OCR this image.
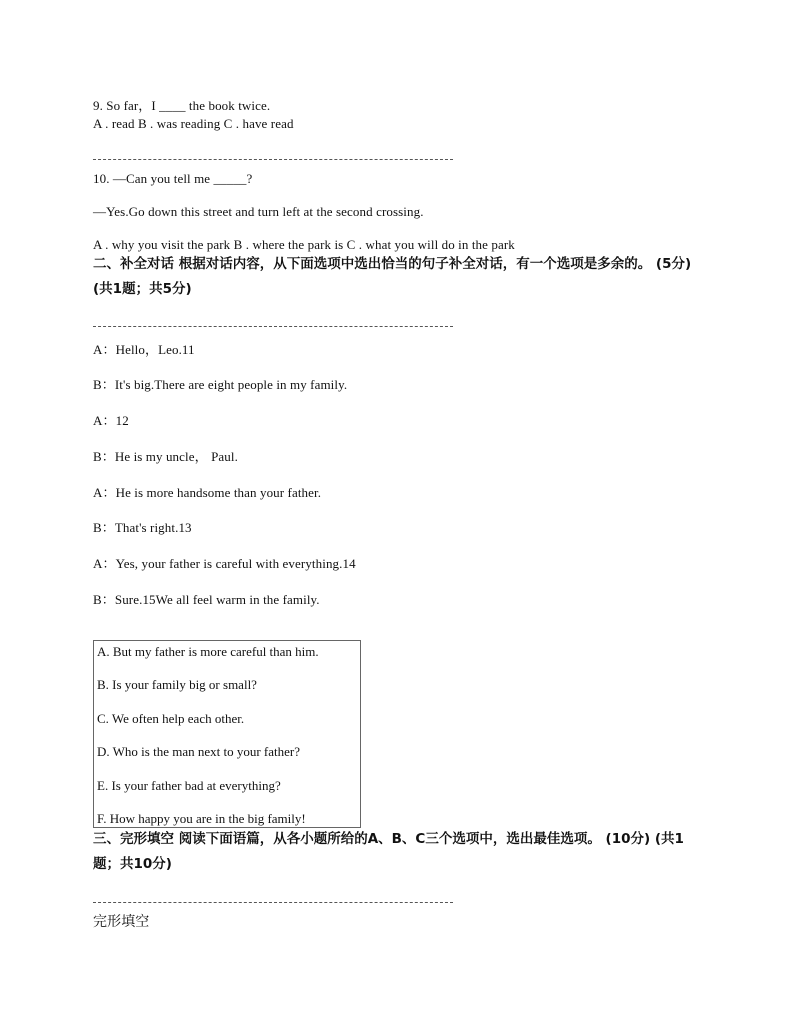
9. So far，I ____ the book twice.
A . read B . was reading C . have read
10. —Can you tell me _____?
—Yes.Go down this street and turn left at the second crossing.
A . why you visit the park B . where the park is C . what you will do in the park
二、补全对话 根据对话内容，从下面选项中选出恰当的句子补全对话，有一个选项是多余的。 (5分) (共1题；共5分)
A：Hello，Leo.11
B：It's big.There are eight people in my family.
A：12
B：He is my uncle， Paul.
A：He is more handsome than your father.
B：That's right.13
A：Yes, your father is careful with everything.14
B：Sure.15We all feel warm in the family.
A. But my father is more careful than him.
B. Is your family big or small?
C. We often help each other.
D. Who is the man next to your father?
E. Is your father bad at everything?
F. How happy you are in the big family!
三、完形填空 阅读下面语篇，从各小题所给的A、B、C三个选项中，选出最佳选项。 (10分) (共1题；共10分)
完形填空
